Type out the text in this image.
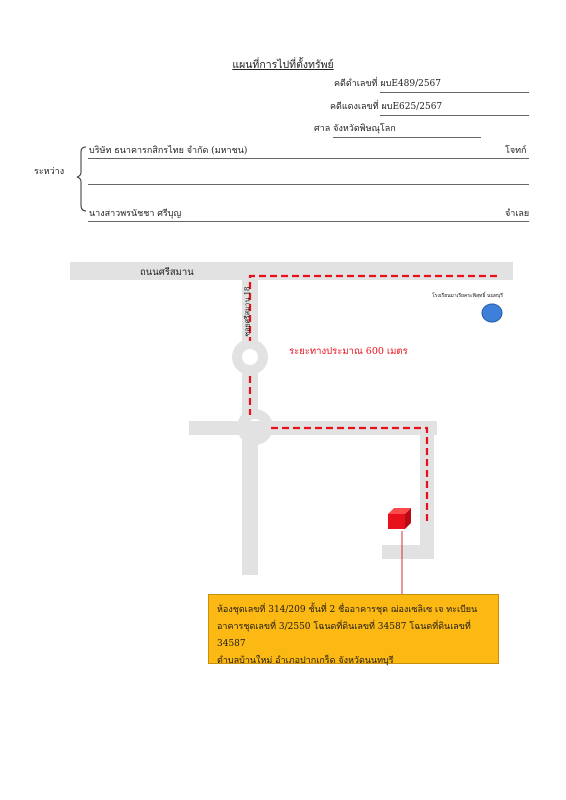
แผนที่การไปที่ตั้งทรัพย์
คดีดำเลขที่ ผบE489/2567
คดีแดงเลขที่ ผบE625/2567
ศาล จังหวัดพิษณุโลก
ระหว่าง
บริษัท ธนาคารกสิกรไทย จำกัด (มหาชน)	โจทก์
นางสาวพรนัชชา ศรีบุญ	จำเลย
ถนนศรีสมาน
ซอยศรีสมาน 18
ระยะทางประมาณ 600 เมตร
โรงเรียนมาเรียคระพิสุทธิ์ นนทบุรี
ห้องชุดเลขที่ 314/209 ชั้นที่ 2 ชื่ออาคารชุด ฌ่องเซลิเซ เจ ทะเบียน
อาคารชุดเลขที่ 3/2550 โฉนดที่ดินเลขที่ 34587 โฉนดที่ดินเลขที่ 34587
ตำบลบ้านใหม่ อำเภอปากเกร็ด จังหวัดนนทบุรี
